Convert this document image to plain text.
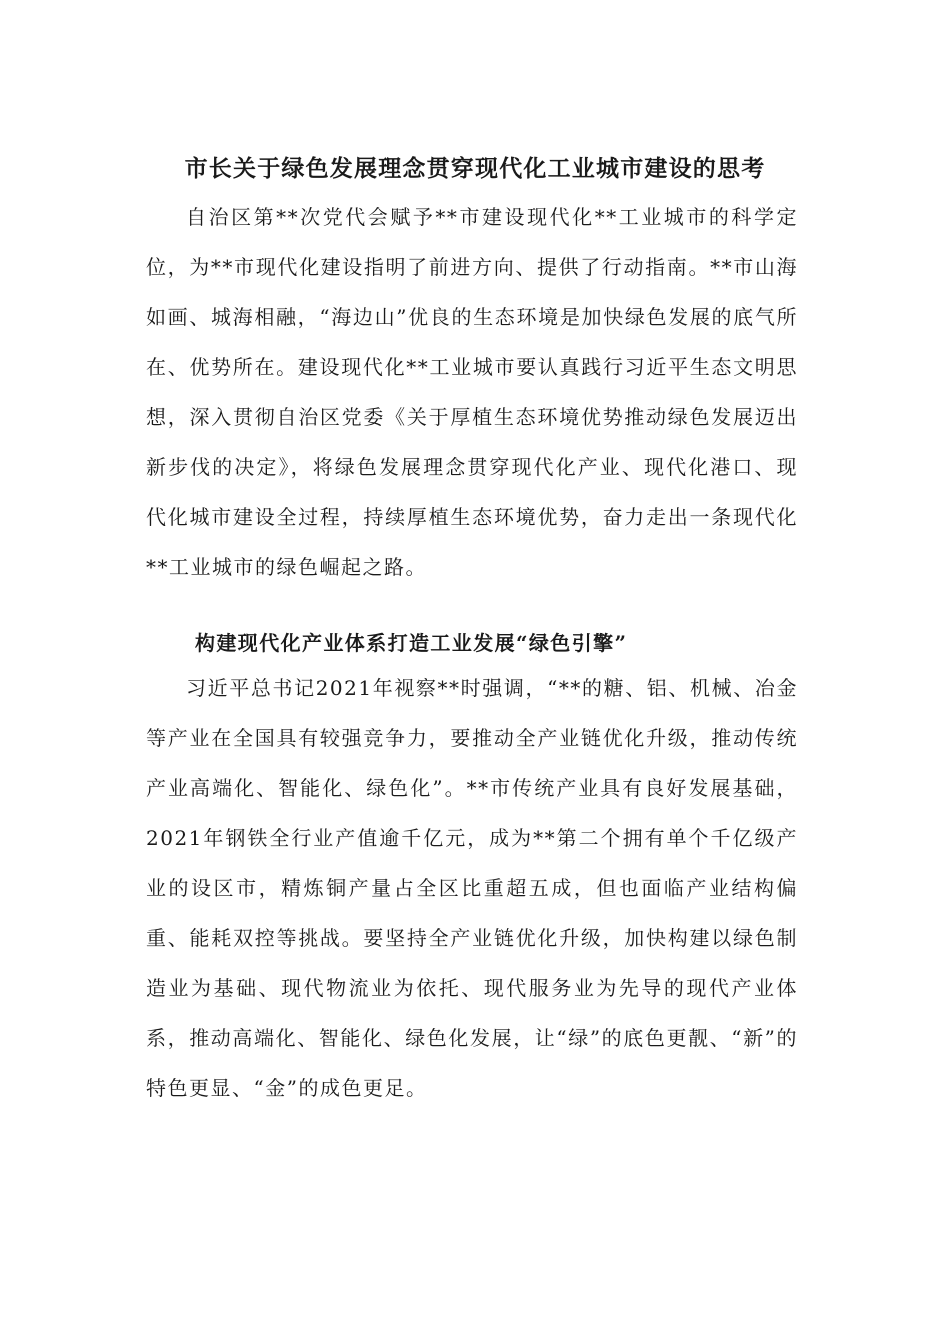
市长关于绿色发展理念贯穿现代化工业城市建设的思考

自治区第**次党代会赋予**市建设现代化**工业城市的科学定位，为**市现代化建设指明了前进方向、提供了行动指南。**市山海如画、城海相融，“海边山”优良的生态环境是加快绿色发展的底气所在、优势所在。建设现代化**工业城市要认真践行习近平生态文明思想，深入贯彻自治区党委《关于厚植生态环境优势推动绿色发展迈出新步伐的决定》，将绿色发展理念贯穿现代化产业、现代化港口、现代化城市建设全过程，持续厚植生态环境优势，奋力走出一条现代化**工业城市的绿色崛起之路。

构建现代化产业体系打造工业发展“绿色引擎”

习近平总书记2021年视察**时强调，“**的糖、铝、机械、冶金等产业在全国具有较强竞争力，要推动全产业链优化升级，推动传统产业高端化、智能化、绿色化”。**市传统产业具有良好发展基础，2021年钢铁全行业产值逾千亿元，成为**第二个拥有单个千亿级产业的设区市，精炼铜产量占全区比重超五成，但也面临产业结构偏重、能耗双控等挑战。要坚持全产业链优化升级，加快构建以绿色制造业为基础、现代物流业为依托、现代服务业为先导的现代产业体系，推动高端化、智能化、绿色化发展，让“绿”的底色更靓、“新”的特色更显、“金”的成色更足。
